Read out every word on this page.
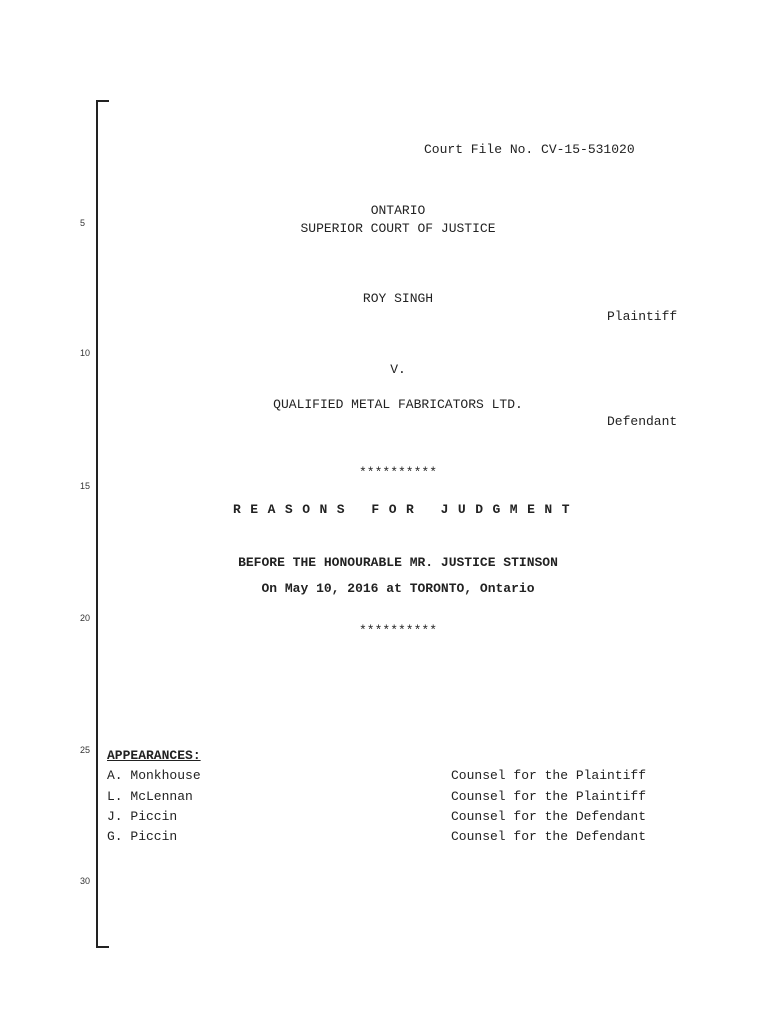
5
10
15
20
25
30
Court File No. CV-15-531020
ONTARIO
SUPERIOR COURT OF JUSTICE
ROY SINGH
Plaintiff
V.
QUALIFIED METAL FABRICATORS LTD.
Defendant
**********
REASONS FOR JUDGMENT
BEFORE THE HONOURABLE MR. JUSTICE STINSON
On May 10, 2016 at TORONTO, Ontario
**********
APPEARANCES:
A. Monkhouse	Counsel for the Plaintiff
L. McLennan	Counsel for the Plaintiff
J. Piccin	Counsel for the Defendant
G. Piccin	Counsel for the Defendant
